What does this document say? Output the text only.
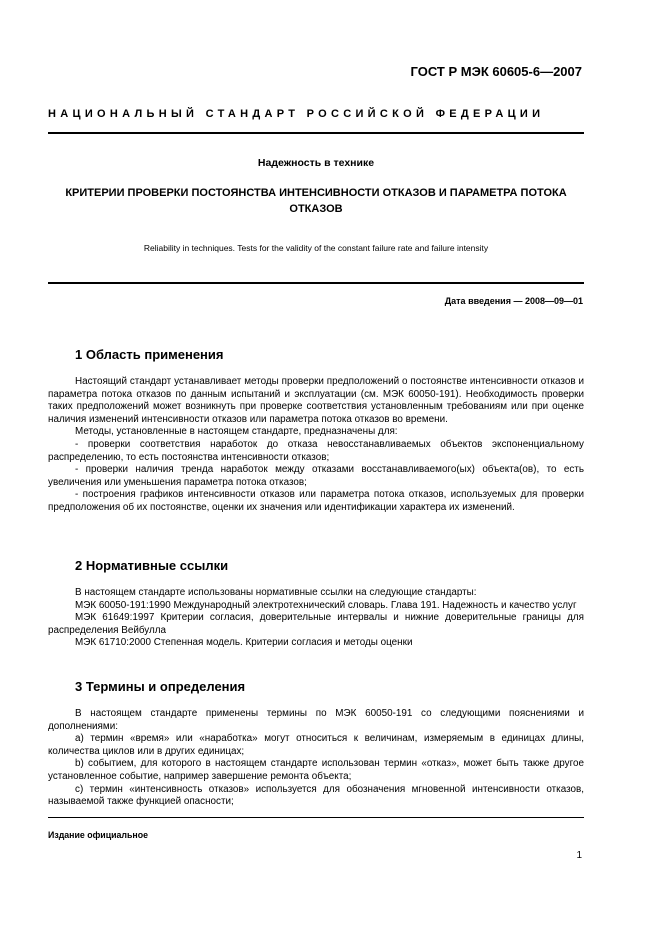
ГОСТ Р МЭК 60605-6—2007
НАЦИОНАЛЬНЫЙ СТАНДАРТ РОССИЙСКОЙ ФЕДЕРАЦИИ
Надежность в технике
КРИТЕРИИ ПРОВЕРКИ ПОСТОЯНСТВА ИНТЕНСИВНОСТИ ОТКАЗОВ И ПАРАМЕТРА ПОТОКА
ОТКАЗОВ
Reliability in techniques. Tests for the validity of the constant failure rate and failure intensity
Дата введения — 2008—09—01
1 Область применения

Настоящий стандарт устанавливает методы проверки предположений о постоянстве интенсивности отказов и параметра потока отказов по данным испытаний и эксплуатации (см. МЭК 60050-191). Необходимость проверки таких предположений может возникнуть при проверке соответствия установленным требованиям или при оценке наличия изменений интенсивности отказов или параметра потока отказов во времени.

Методы, установленные в настоящем стандарте, предназначены для:

- проверки соответствия наработок до отказа невосстанавливаемых объектов экспоненциальному распределению, то есть постоянства интенсивности отказов;

- проверки наличия тренда наработок между отказами восстанавливаемого(ых) объекта(ов), то есть увеличения или уменьшения параметра потока отказов;

- построения графиков интенсивности отказов или параметра потока отказов, используемых для проверки предположения об их постоянстве, оценки их значения или идентификации характера их изменений.

2 Нормативные ссылки

В настоящем стандарте использованы нормативные ссылки на следующие стандарты:

МЭК 60050-191:1990 Международный электротехнический словарь. Глава 191. Надежность и качество услуг

МЭК 61649:1997 Критерии согласия, доверительные интервалы и нижние доверительные границы для распределения Вейбулла

МЭК 61710:2000 Степенная модель. Критерии согласия и методы оценки

3 Термины и определения

В настоящем стандарте применены термины по МЭК 60050-191 со следующими пояснениями и дополнениями:

a) термин «время» или «наработка» могут относиться к величинам, измеряемым в единицах длины, количества циклов или в других единицах;

b) событием, для которого в настоящем стандарте использован термин «отказ», может быть также другое установленное событие, например завершение ремонта объекта;

c) термин «интенсивность отказов» используется для обозначения мгновенной интенсивности отказов, называемой также функцией опасности;

Издание официальное
1
